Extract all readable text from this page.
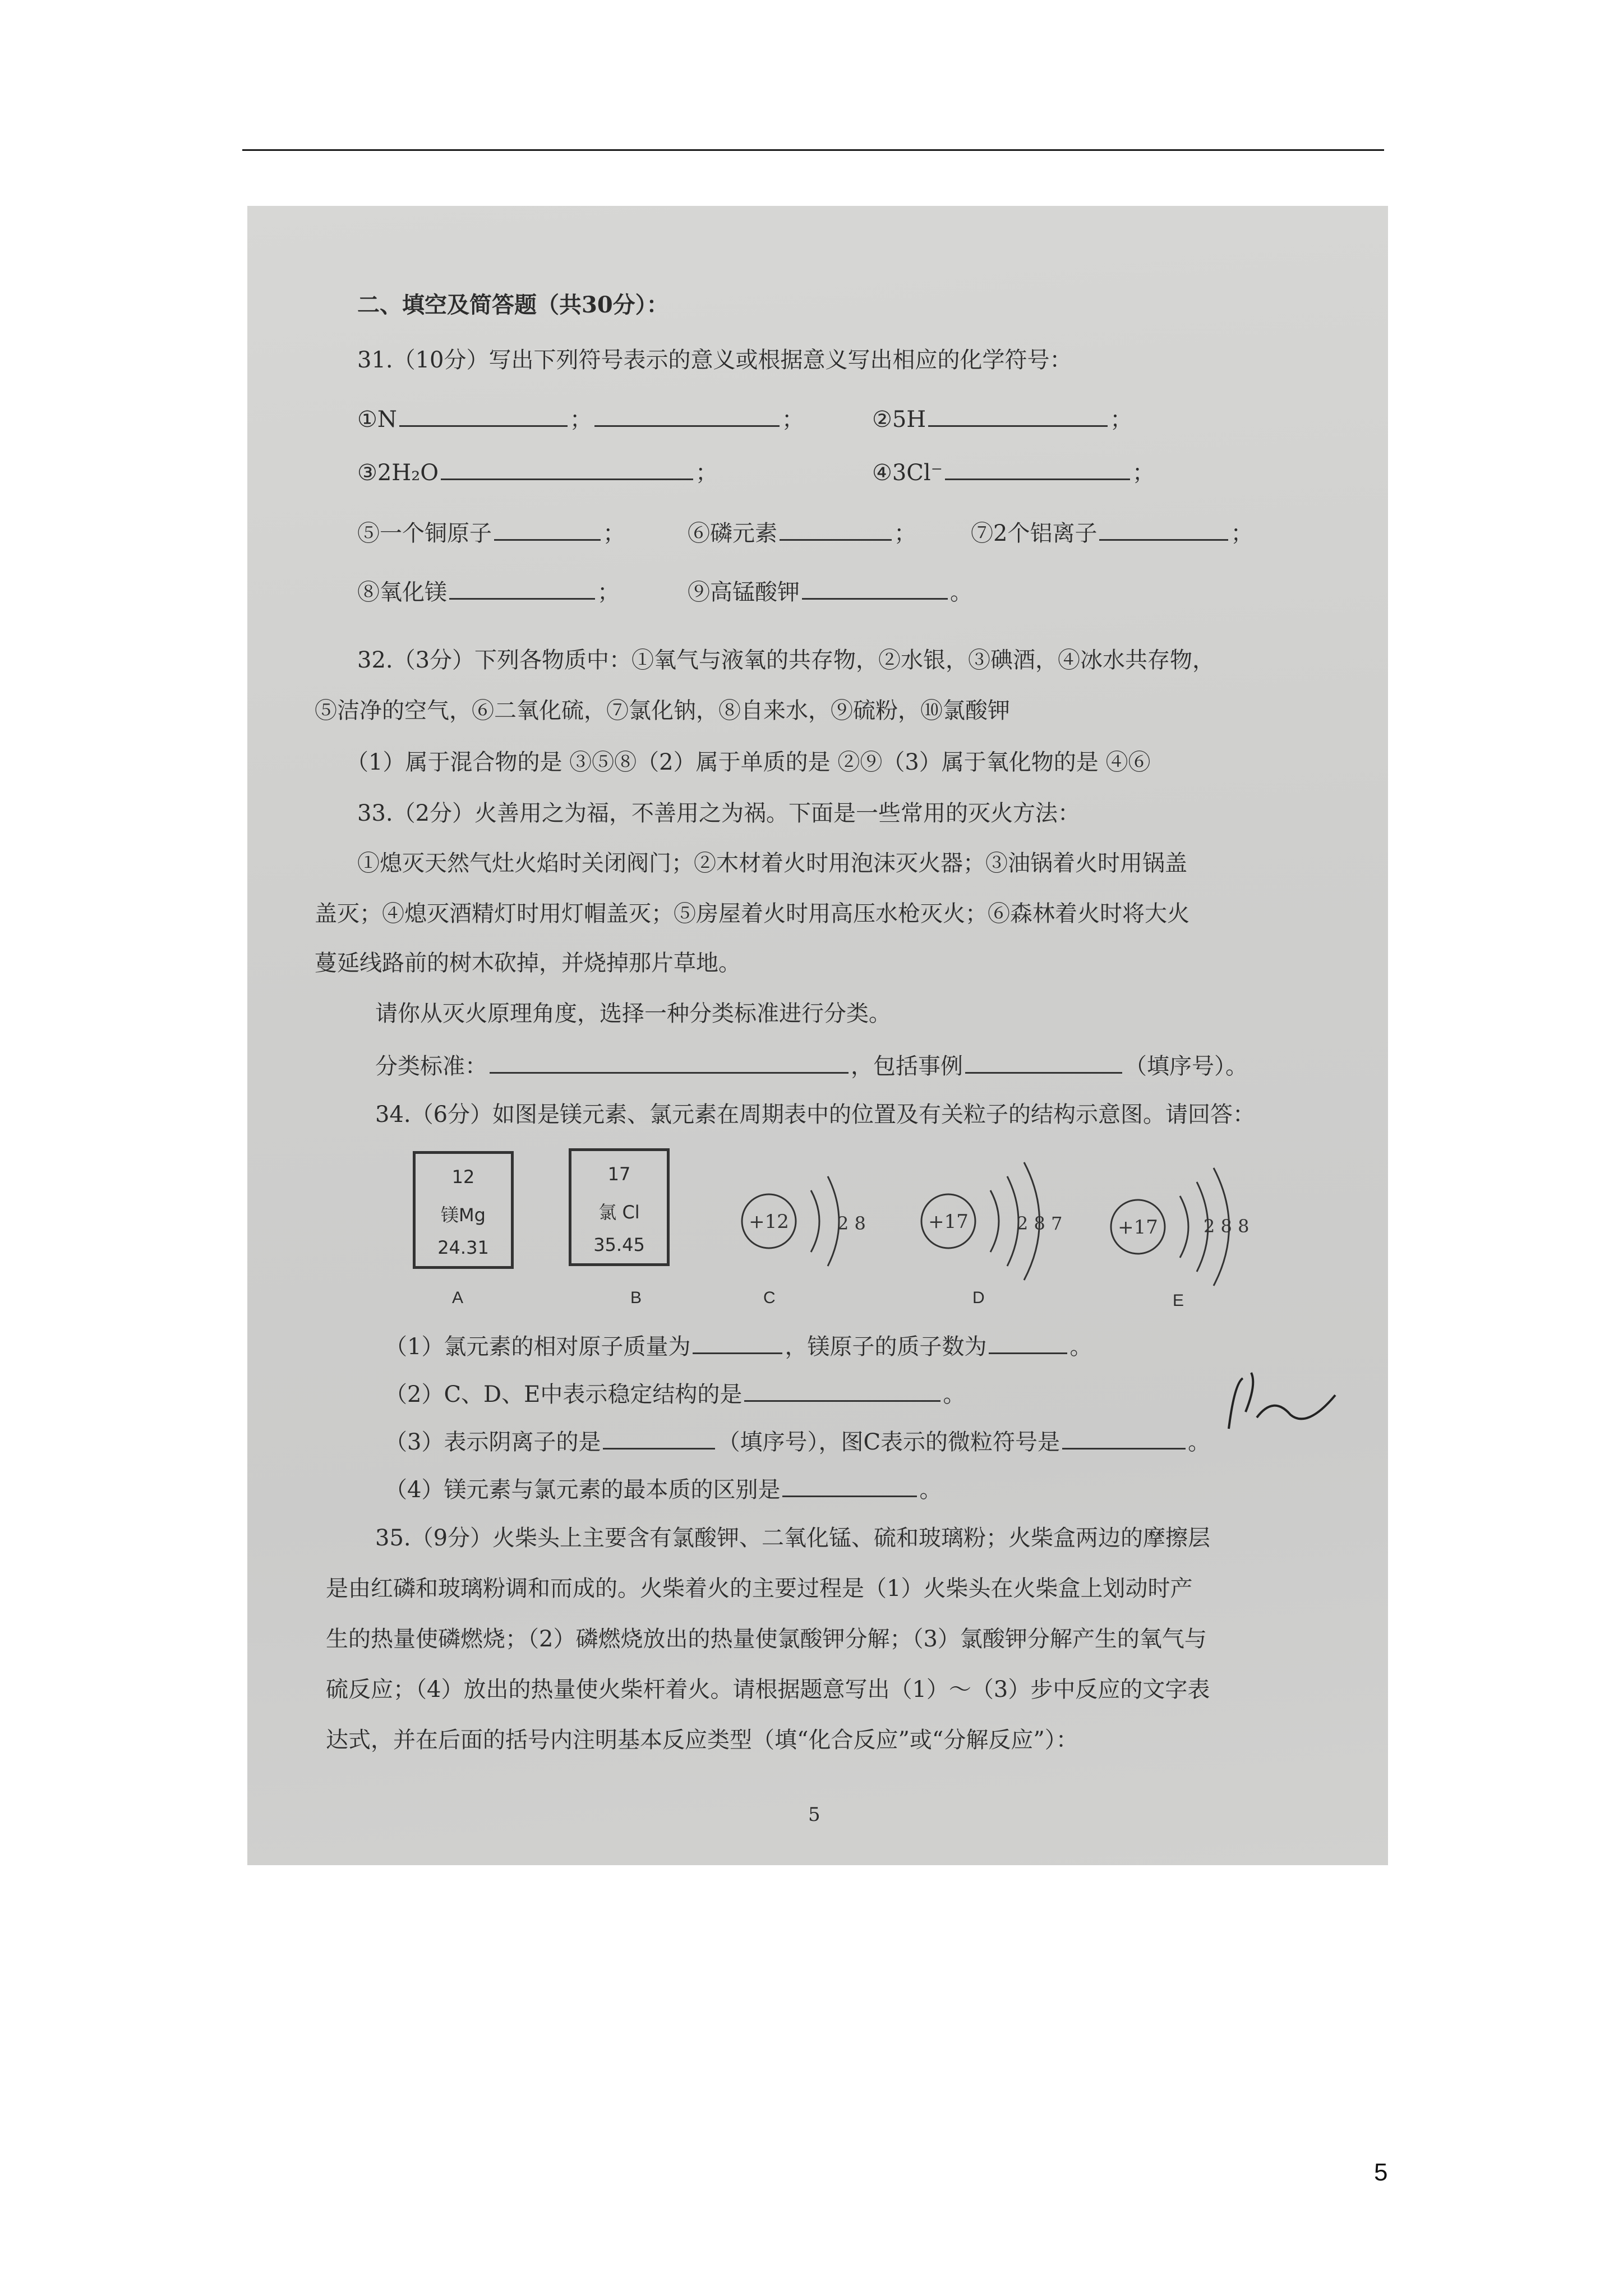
二、填空及简答题（共30分）：
31.（10分）写出下列符号表示的意义或根据意义写出相应的化学符号：
①N	；	；	②5H	；
③2H₂O	；	④3Cl⁻	；
⑤一个铜原子	；	⑥磷元素	； ⑦2个铝离子	；
⑧氧化镁	；	⑨高锰酸钾	。
32.（3分）下列各物质中：①氧气与液氧的共存物，②水银，③碘酒，④冰水共存物，
⑤洁净的空气，⑥二氧化硫，⑦氯化钠，⑧自来水，⑨硫粉，⑩氯酸钾
（1）属于混合物的是 ③⑤⑧（2）属于单质的是 ②⑨（3）属于氧化物的是 ④⑥
33.（2分）火善用之为福，不善用之为祸。下面是一些常用的灭火方法：
①熄灭天然气灶火焰时关闭阀门；②木材着火时用泡沫灭火器；③油锅着火时用锅盖
盖灭；④熄灭酒精灯时用灯帽盖灭；⑤房屋着火时用高压水枪灭火；⑥森林着火时将大火
蔓延线路前的树木砍掉，并烧掉那片草地。
请你从灭火原理角度，选择一种分类标准进行分类。
分类标准：	，包括事例	（填序号）。
34.（6分）如图是镁元素、氯元素在周期表中的位置及有关粒子的结构示意图。请回答：
12
镁Mg
24.31
A
17
氯 Cl
35.45
B
+12	2 8	+17	2 8 7	+17	2 8 8
C	D	E
（1）氯元素的相对原子质量为	，镁原子的质子数为	。
（2）C、D、E中表示稳定结构的是	。
（3）表示阴离子的是	（填序号），图C表示的微粒符号是	。
（4）镁元素与氯元素的最本质的区别是	。
35.（9分）火柴头上主要含有氯酸钾、二氧化锰、硫和玻璃粉；火柴盒两边的摩擦层
是由红磷和玻璃粉调和而成的。火柴着火的主要过程是（1）火柴头在火柴盒上划动时产
生的热量使磷燃烧；（2）磷燃烧放出的热量使氯酸钾分解；（3）氯酸钾分解产生的氧气与
硫反应；（4）放出的热量使火柴杆着火。请根据题意写出（1）～（3）步中反应的文字表
达式，并在后面的括号内注明基本反应类型（填“化合反应”或“分解反应”）：
5
5
